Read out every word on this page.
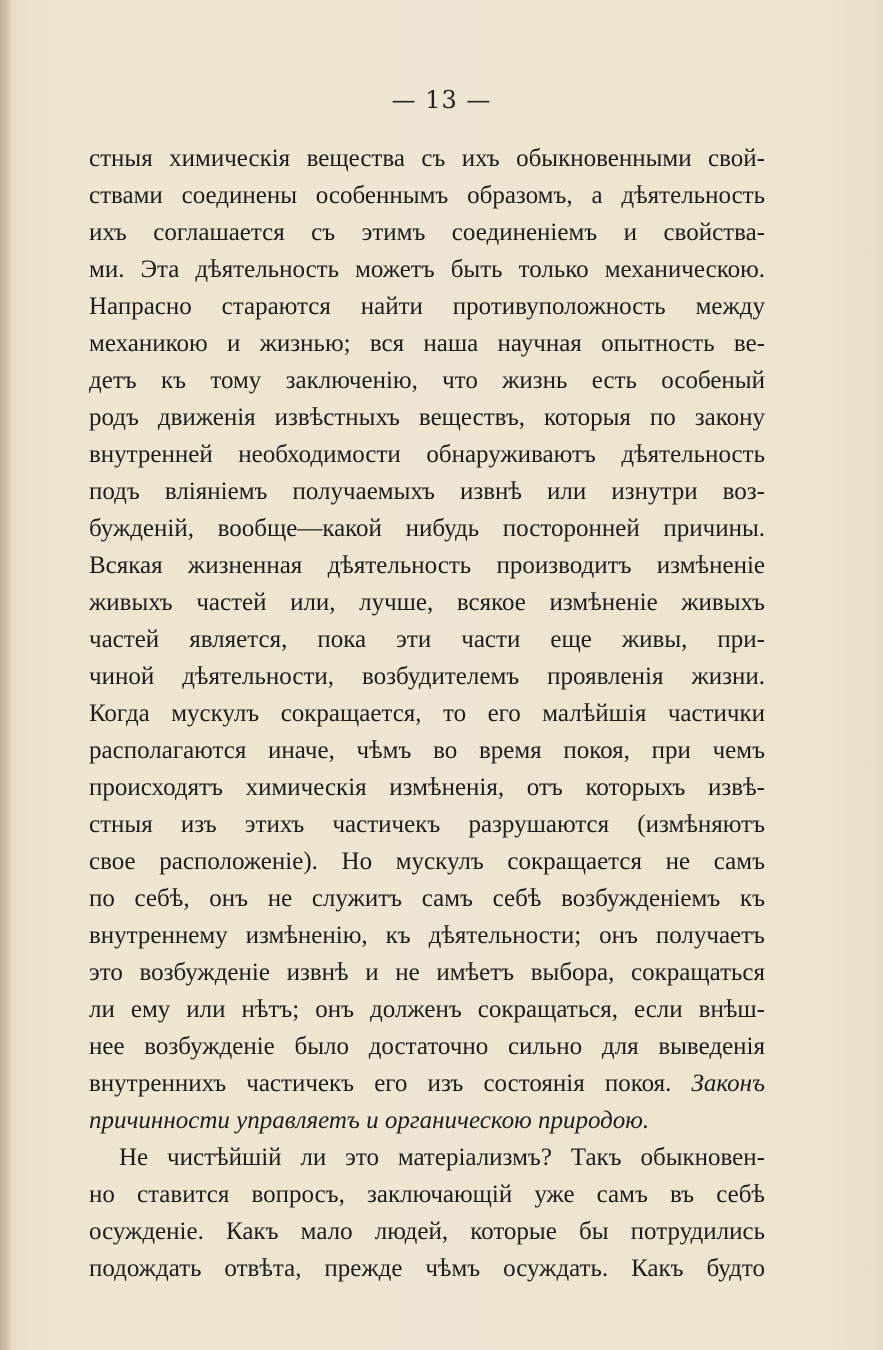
— 13 —
стныя химическія вещества съ ихъ обыкновенными свой-
ствами соединены особеннымъ образомъ, а дѣятельность
ихъ соглашается съ этимъ соединеніемъ и свойства-
ми. Эта дѣятельность можетъ быть только механическою.
Напрасно стараются найти противуположность между
механикою и жизнью; вся наша научная опытность ве-
детъ къ тому заключенію, что жизнь есть особеный
родъ движенія извѣстныхъ веществъ, которыя по закону
внутренней необходимости обнаруживаютъ дѣятельность
подъ вліяніемъ получаемыхъ извнѣ или изнутри воз-
бужденій, вообще—какой нибудь посторонней причины.
Всякая жизненная дѣятельность производитъ измѣненіе
живыхъ частей или, лучше, всякое измѣненіе живыхъ
частей является, пока эти части еще живы, при-
чиной дѣятельности, возбудителемъ проявленія жизни.
Когда мускулъ сокращается, то его малѣйшія частички
располагаются иначе, чѣмъ во время покоя, при чемъ
происходятъ химическія измѣненія, отъ которыхъ извѣ-
стныя изъ этихъ частичекъ разрушаются (измѣняютъ
свое расположеніе). Но мускулъ сокращается не самъ
по себѣ, онъ не служитъ самъ себѣ возбужденіемъ къ
внутреннему измѣненію, къ дѣятельности; онъ получаетъ
это возбужденіе извнѣ и не имѣетъ выбора, сокращаться
ли ему или нѣтъ; онъ долженъ сокращаться, если внѣш-
нее возбужденіе было достаточно сильно для выведенія
внутреннихъ частичекъ его изъ состоянія покоя. Законъ
причинности управляетъ и органическою природою.
Не чистѣйшій ли это матеріализмъ? Такъ обыкновен-
но ставится вопросъ, заключающій уже самъ въ себѣ
осужденіе. Какъ мало людей, которые бы потрудились
подождать отвѣта, прежде чѣмъ осуждать. Какъ будто
